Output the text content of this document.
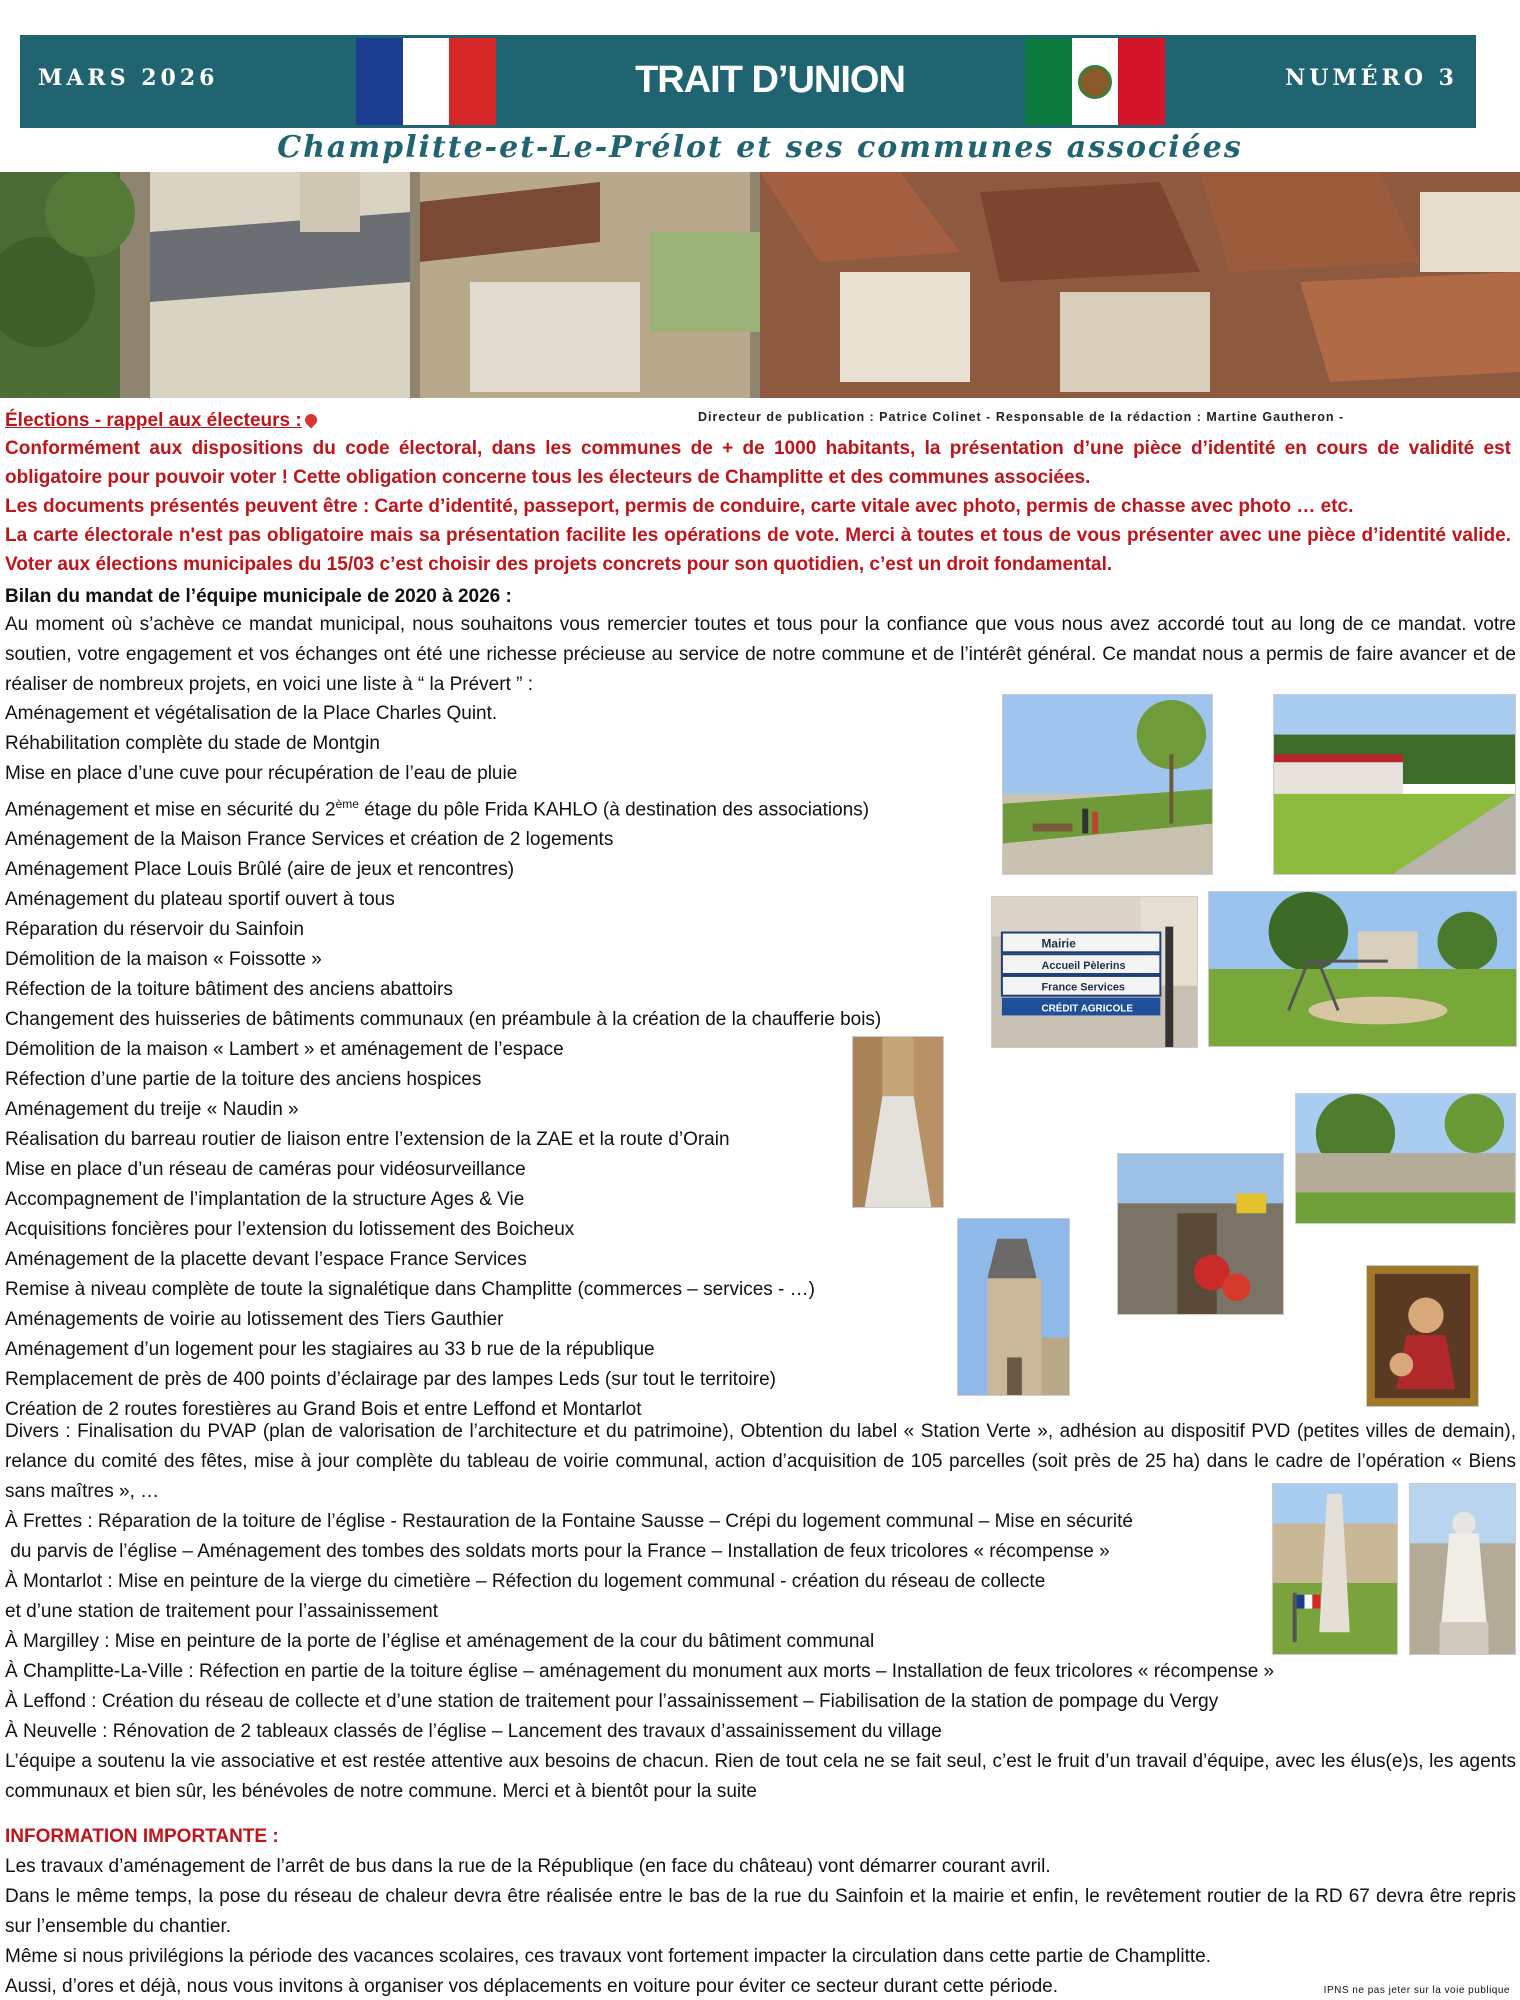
MARS 2026	TRAIT D’UNION	NUMÉRO 3
Champlitte-et-Le-Prélot et ses communes associées
Directeur de publication : Patrice Colinet - Responsable de la rédaction : Martine Gautheron -
Élections - rappel aux électeurs :
Conformément aux dispositions du code électoral, dans les communes de + de 1000 habitants, la présentation d’une pièce d’identité en cours de validité est obligatoire pour pouvoir voter ! Cette obligation concerne tous les électeurs de Champlitte et des communes associées.
Les documents présentés peuvent être : Carte d’identité, passeport, permis de conduire, carte vitale avec photo, permis de chasse avec photo … etc.
La carte électorale n'est pas obligatoire mais sa présentation facilite les opérations de vote. Merci à toutes et tous de vous présenter avec une pièce d’identité valide. Voter aux élections municipales du 15/03 c’est choisir des projets concrets pour son quotidien, c’est un droit fondamental.
Bilan du mandat de l’équipe municipale de 2020 à 2026 :
Au moment où s’achève ce mandat municipal, nous souhaitons vous remercier toutes et tous pour la confiance que vous nous avez accordé tout au long de ce mandat. votre soutien, votre engagement et vos échanges ont été une richesse précieuse au service de notre commune et de l’intérêt général. Ce mandat nous a permis de faire avancer et de réaliser de nombreux projets, en voici une liste à “ la Prévert ” :
Aménagement et végétalisation de la Place Charles Quint.
Réhabilitation complète du stade de Montgin
Mise en place d’une cuve pour récupération de l’eau de pluie
Aménagement et mise en sécurité du 2ème étage du pôle Frida KAHLO (à destination des associations)
Aménagement de la Maison France Services et création de 2 logements
Aménagement Place Louis Brûlé (aire de jeux et rencontres)
Aménagement du plateau sportif ouvert à tous
Réparation du réservoir du Sainfoin
Démolition de la maison « Foissotte »
Réfection de la toiture bâtiment des anciens abattoirs
Changement des huisseries de bâtiments communaux (en préambule à la création de la chaufferie bois)
Démolition de la maison « Lambert » et aménagement de l’espace
Réfection d’une partie de la toiture des anciens hospices
Aménagement du treije « Naudin »
Réalisation du barreau routier de liaison entre l’extension de la ZAE et la route d’Orain
Mise en place d’un réseau de caméras pour vidéosurveillance
Accompagnement de l’implantation de la structure Ages & Vie
Acquisitions foncières pour l’extension du lotissement des Boicheux
Aménagement de la placette devant l’espace France Services
Remise à niveau complète de toute la signalétique dans Champlitte (commerces – services - …)
Aménagements de voirie au lotissement des Tiers Gauthier
Aménagement d’un logement pour les stagiaires au 33 b rue de la république
Remplacement de près de 400 points d’éclairage par des lampes Leds (sur tout le territoire)
Création de 2 routes forestières au Grand Bois et entre Leffond et Montarlot
Divers : Finalisation du PVAP (plan de valorisation de l’architecture et du patrimoine), Obtention du label « Station Verte », adhésion au dispositif PVD (petites villes de demain), relance du comité des fêtes, mise à jour complète du tableau de voirie communal, action d’acquisition de 105 parcelles (soit près de 25 ha) dans le cadre de l’opération « Biens sans maîtres », …
À Frettes : Réparation de la toiture de l’église - Restauration de la Fontaine Sausse – Crépi du logement communal – Mise en sécurité
du parvis de l’église – Aménagement des tombes des soldats morts pour la France – Installation de feux tricolores « récompense »
À Montarlot : Mise en peinture de la vierge du cimetière – Réfection du logement communal - création du réseau de collecte
et d’une station de traitement pour l’assainissement
À Margilley : Mise en peinture de la porte de l’église et aménagement de la cour du bâtiment communal
À Champlitte-La-Ville : Réfection en partie de la toiture église – aménagement du monument aux morts – Installation de feux tricolores « récompense »
À Leffond : Création du réseau de collecte et d’une station de traitement pour l’assainissement – Fiabilisation de la station de pompage du Vergy
À Neuvelle : Rénovation de 2 tableaux classés de l’église – Lancement des travaux d’assainissement du village
L’équipe a soutenu la vie associative et est restée attentive aux besoins de chacun. Rien de tout cela ne se fait seul, c’est le fruit d’un travail d’équipe, avec les élus(e)s, les agents communaux et bien sûr, les bénévoles de notre commune. Merci et à bientôt pour la suite
INFORMATION IMPORTANTE :
Les travaux d’aménagement de l’arrêt de bus dans la rue de la République (en face du château) vont démarrer courant avril.
Dans le même temps, la pose du réseau de chaleur devra être réalisée entre le bas de la rue du Sainfoin et la mairie et enfin, le revêtement routier de la RD 67 devra être repris sur l’ensemble du chantier.
Même si nous privilégions la période des vacances scolaires, ces travaux vont fortement impacter la circulation dans cette partie de Champlitte.
Aussi, d’ores et déjà, nous vous invitons à organiser vos déplacements en voiture pour éviter ce secteur durant cette période.	IPNS ne pas jeter sur la voie publique
Mairie
Accueil Pèlerins
France Services
CRÉDIT AGRICOLE
